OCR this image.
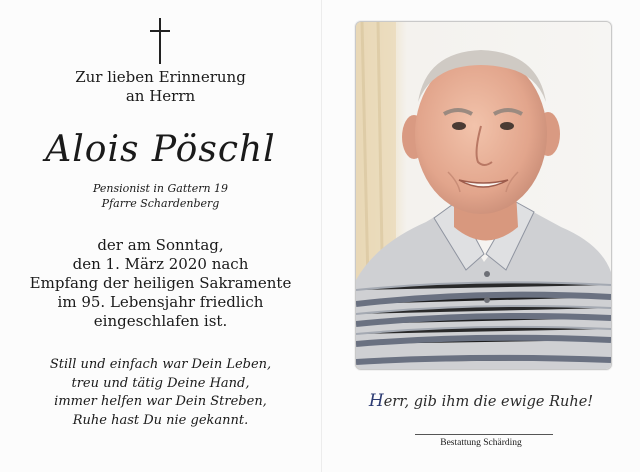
Zur lieben Erinnerung
an Herrn
Alois Pöschl
Pensionist in Gattern 19
Pfarre Schardenberg
der am Sonntag,
den 1. März 2020 nach
Empfang der heiligen Sakramente
im 95. Lebensjahr friedlich
eingeschlafen ist.
Still und einfach war Dein Leben,
treu und tätig Deine Hand,
immer helfen war Dein Streben,
Ruhe hast Du nie gekannt.
Herr, gib ihm die ewige Ruhe!
Bestattung Schärding
